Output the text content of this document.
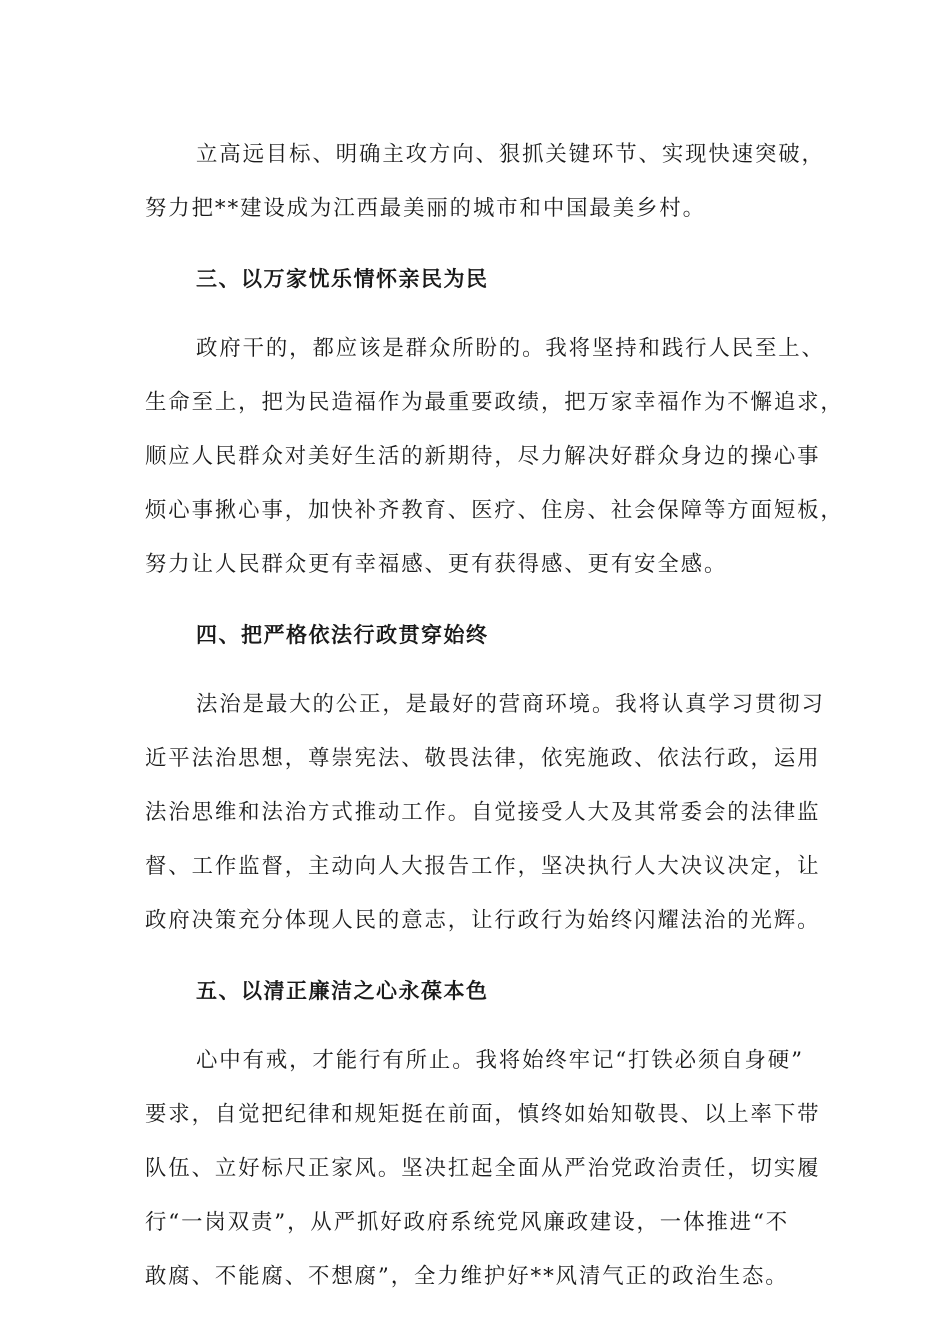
立高远目标、明确主攻方向、狠抓关键环节、实现快速突破，
努力把**建设成为江西最美丽的城市和中国最美乡村。
三、以万家忧乐情怀亲民为民
政府干的，都应该是群众所盼的。我将坚持和践行人民至上、
生命至上，把为民造福作为最重要政绩，把万家幸福作为不懈追求，
顺应人民群众对美好生活的新期待，尽力解决好群众身边的操心事
烦心事揪心事，加快补齐教育、医疗、住房、社会保障等方面短板，
努力让人民群众更有幸福感、更有获得感、更有安全感。
四、把严格依法行政贯穿始终
法治是最大的公正，是最好的营商环境。我将认真学习贯彻习
近平法治思想，尊崇宪法、敬畏法律，依宪施政、依法行政，运用
法治思维和法治方式推动工作。自觉接受人大及其常委会的法律监
督、工作监督，主动向人大报告工作，坚决执行人大决议决定，让
政府决策充分体现人民的意志，让行政行为始终闪耀法治的光辉。
五、以清正廉洁之心永葆本色
心中有戒，才能行有所止。我将始终牢记“打铁必须自身硬”
要求，自觉把纪律和规矩挺在前面，慎终如始知敬畏、以上率下带
队伍、立好标尺正家风。坚决扛起全面从严治党政治责任，切实履
行“一岗双责”，从严抓好政府系统党风廉政建设，一体推进“不
敢腐、不能腐、不想腐”，全力维护好**风清气正的政治生态。
